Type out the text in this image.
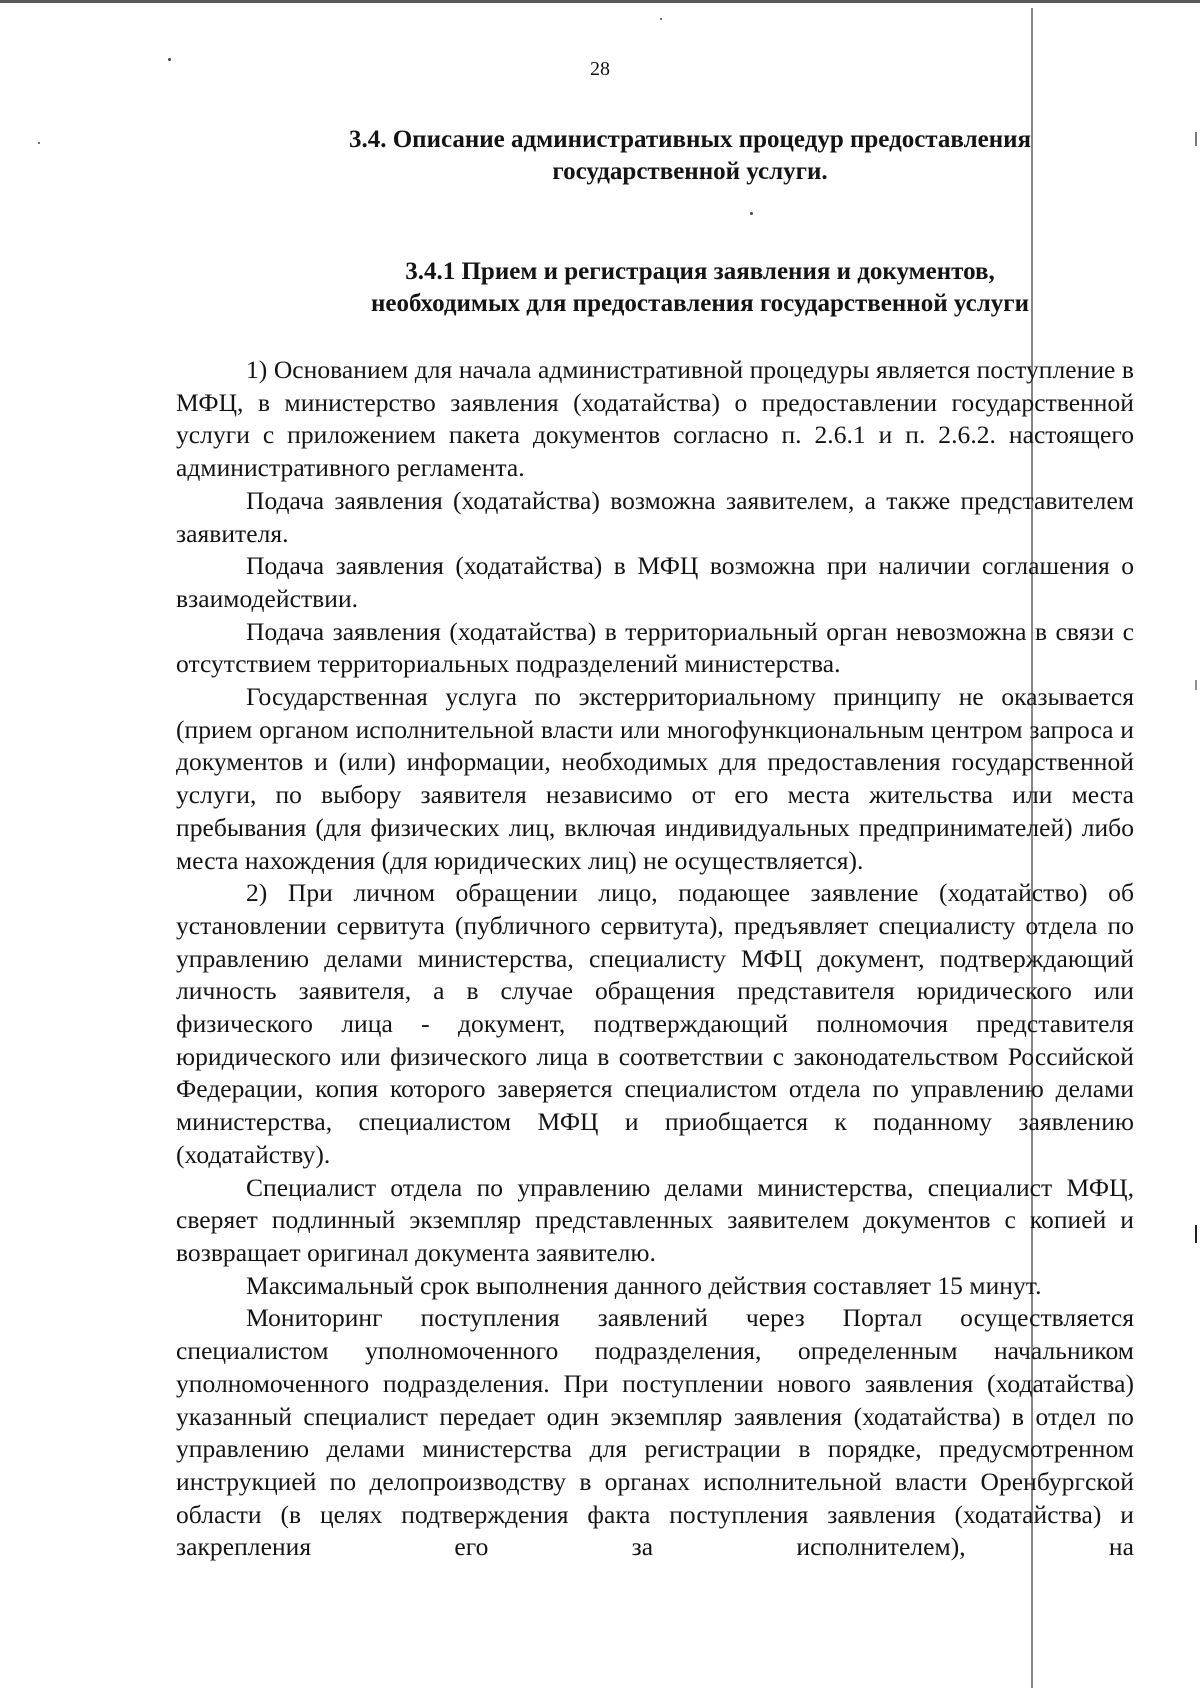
28
3.4. Описание административных процедур предоставления
государственной услуги.
3.4.1 Прием и регистрация заявления и документов,
необходимых для предоставления государственной услуги

1) Основанием для начала административной процедуры является поступление в МФЦ, в министерство заявления (ходатайства) о предоставлении государственной услуги с приложением пакета документов согласно п. 2.6.1 и п. 2.6.2. настоящего административного регламента.

Подача заявления (ходатайства) возможна заявителем, а также представителем заявителя.

Подача заявления (ходатайства) в МФЦ возможна при наличии соглашения о взаимодействии.

Подача заявления (ходатайства) в территориальный орган невозможна в связи с отсутствием территориальных подразделений министерства.

Государственная услуга по экстерриториальному принципу не оказывается (прием органом исполнительной власти или многофункциональным центром запроса и документов и (или) информации, необходимых для предоставления государственной услуги, по выбору заявителя независимо от его места жительства или места пребывания (для физических лиц, включая индивидуальных предпринимателей) либо места нахождения (для юридических лиц) не осуществляется).

2) При личном обращении лицо, подающее заявление (ходатайство) об установлении сервитута (публичного сервитута), предъявляет специалисту отдела по управлению делами министерства, специалисту МФЦ документ, подтверждающий личность заявителя, а в случае обращения представителя юридического или физического лица - документ, подтверждающий полномочия представителя юридического или физического лица в соответствии с законодательством Российской Федерации, копия которого заверяется специалистом отдела по управлению делами министерства, специалистом МФЦ и приобщается к поданному заявлению (ходатайству).

Специалист отдела по управлению делами министерства, специалист МФЦ, сверяет подлинный экземпляр представленных заявителем документов с копией и возвращает оригинал документа заявителю.

Максимальный срок выполнения данного действия составляет 15 минут.

Мониторинг поступления заявлений через Портал осуществляется специалистом уполномоченного подразделения, определенным начальником уполномоченного подразделения. При поступлении нового заявления (ходатайства) указанный специалист передает один экземпляр заявления (ходатайства) в отдел по управлению делами министерства для регистрации в порядке, предусмотренном инструкцией по делопроизводству в органах исполнительной власти Оренбургской области (в целях подтверждения факта поступления заявления (ходатайства) и закрепления его за исполнителем), на
